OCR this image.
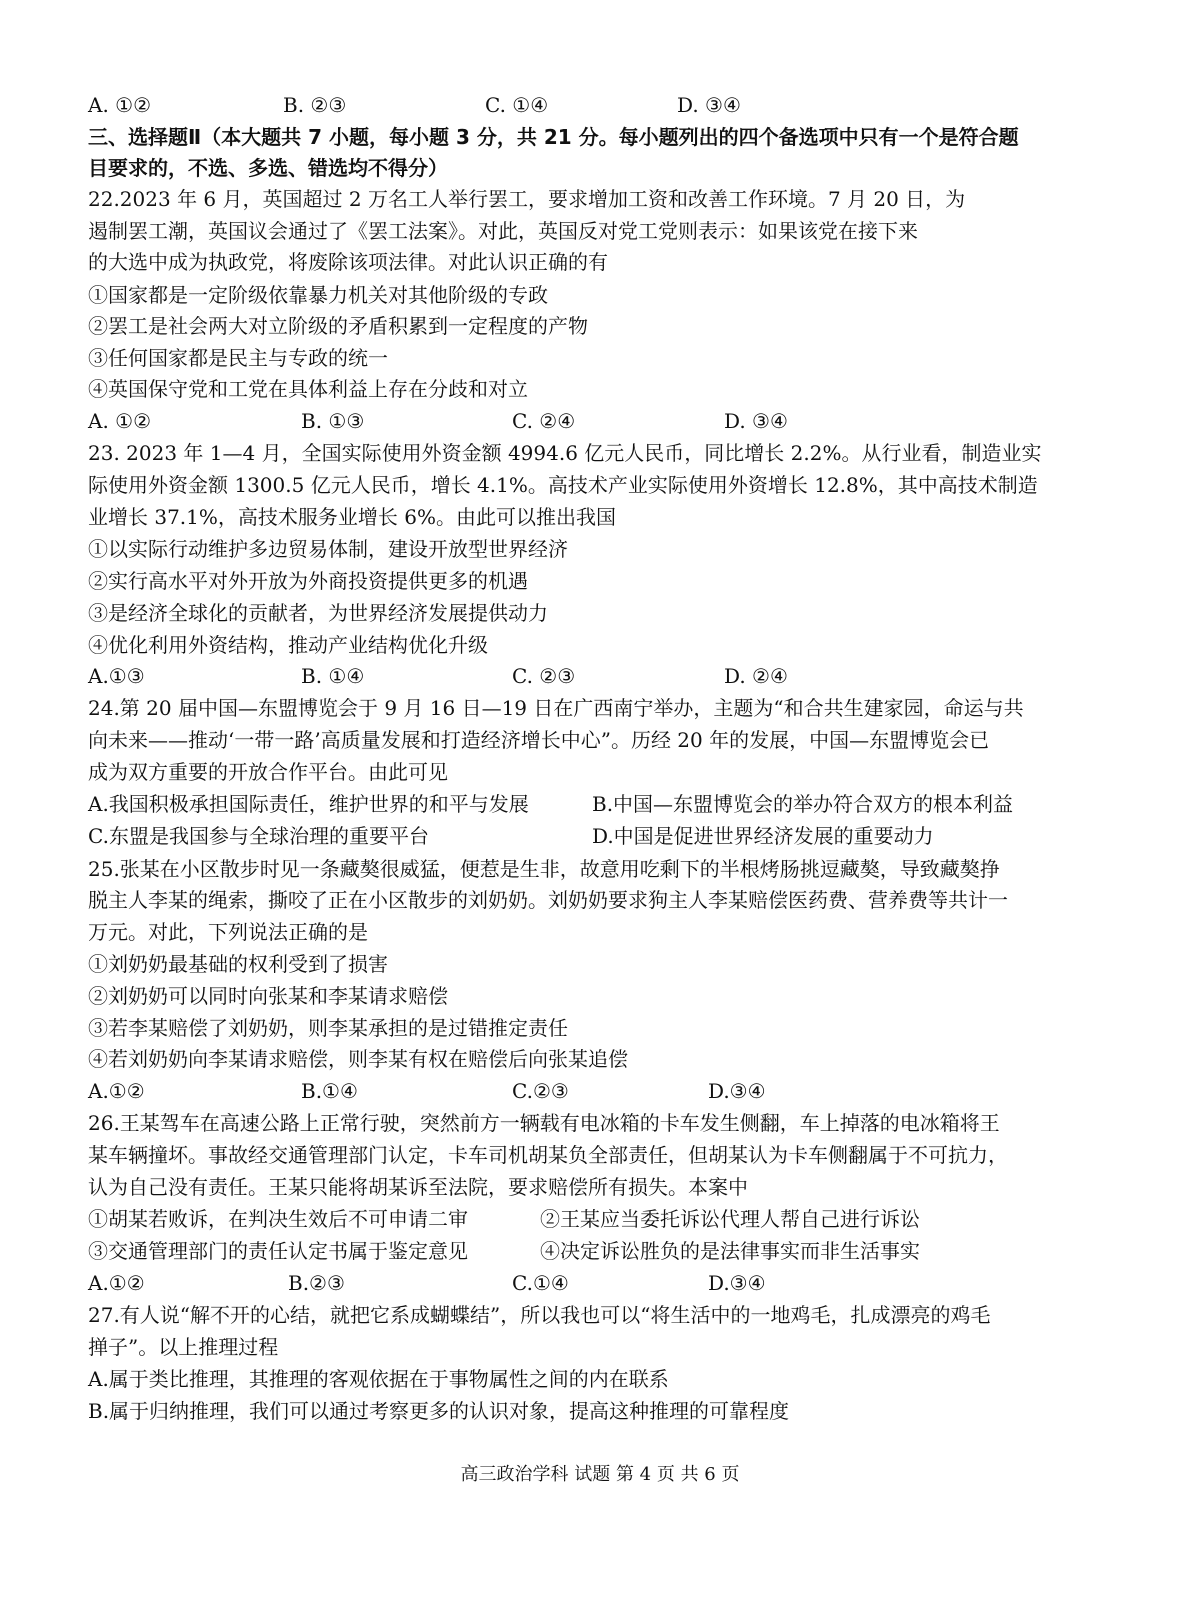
A. ①②	B. ②③	C. ①④	D. ③④
三、选择题Ⅱ（本大题共 7 小题，每小题 3 分，共 21 分。每小题列出的四个备选项中只有一个是符合题
目要求的，不选、多选、错选均不得分）
22.2023 年 6 月，英国超过 2 万名工人举行罢工，要求增加工资和改善工作环境。7 月 20 日，为
遏制罢工潮，英国议会通过了《罢工法案》。对此，英国反对党工党则表示：如果该党在接下来
的大选中成为执政党，将废除该项法律。对此认识正确的有
①国家都是一定阶级依靠暴力机关对其他阶级的专政
②罢工是社会两大对立阶级的矛盾积累到一定程度的产物
③任何国家都是民主与专政的统一
④英国保守党和工党在具体利益上存在分歧和对立
A. ①②	B. ①③	C. ②④	D. ③④
23. 2023 年 1—4 月，全国实际使用外资金额 4994.6 亿元人民币，同比增长 2.2%。从行业看，制造业实
际使用外资金额 1300.5 亿元人民币，增长 4.1%。高技术产业实际使用外资增长 12.8%，其中高技术制造
业增长 37.1%，高技术服务业增长 6%。由此可以推出我国
①以实际行动维护多边贸易体制，建设开放型世界经济
②实行高水平对外开放为外商投资提供更多的机遇
③是经济全球化的贡献者，为世界经济发展提供动力
④优化利用外资结构，推动产业结构优化升级
A.①③	B. ①④	C. ②③	D. ②④
24.第 20 届中国—东盟博览会于 9 月 16 日—19 日在广西南宁举办，主题为“和合共生建家园，命运与共
向未来——推动‘一带一路’高质量发展和打造经济增长中心”。历经 20 年的发展，中国—东盟博览会已
成为双方重要的开放合作平台。由此可见
A.我国积极承担国际责任，维护世界的和平与发展	B.中国—东盟博览会的举办符合双方的根本利益
C.东盟是我国参与全球治理的重要平台	D.中国是促进世界经济发展的重要动力
25.张某在小区散步时见一条藏獒很威猛，便惹是生非，故意用吃剩下的半根烤肠挑逗藏獒，导致藏獒挣
脱主人李某的绳索，撕咬了正在小区散步的刘奶奶。刘奶奶要求狗主人李某赔偿医药费、营养费等共计一
万元。对此，下列说法正确的是
①刘奶奶最基础的权利受到了损害
②刘奶奶可以同时向张某和李某请求赔偿
③若李某赔偿了刘奶奶，则李某承担的是过错推定责任
④若刘奶奶向李某请求赔偿，则李某有权在赔偿后向张某追偿
A.①②	B.①④	C.②③	D.③④
26.王某驾车在高速公路上正常行驶，突然前方一辆载有电冰箱的卡车发生侧翻，车上掉落的电冰箱将王
某车辆撞坏。事故经交通管理部门认定，卡车司机胡某负全部责任，但胡某认为卡车侧翻属于不可抗力，
认为自己没有责任。王某只能将胡某诉至法院，要求赔偿所有损失。本案中
①胡某若败诉，在判决生效后不可申请二审	②王某应当委托诉讼代理人帮自己进行诉讼
③交通管理部门的责任认定书属于鉴定意见	④决定诉讼胜负的是法律事实而非生活事实
A.①②	B.②③	C.①④	D.③④
27.有人说“解不开的心结，就把它系成蝴蝶结”，所以我也可以“将生活中的一地鸡毛，扎成漂亮的鸡毛
掸子”。以上推理过程
A.属于类比推理，其推理的客观依据在于事物属性之间的内在联系
B.属于归纳推理，我们可以通过考察更多的认识对象，提高这种推理的可靠程度
高三政治学科 试题 第 4 页 共 6 页
